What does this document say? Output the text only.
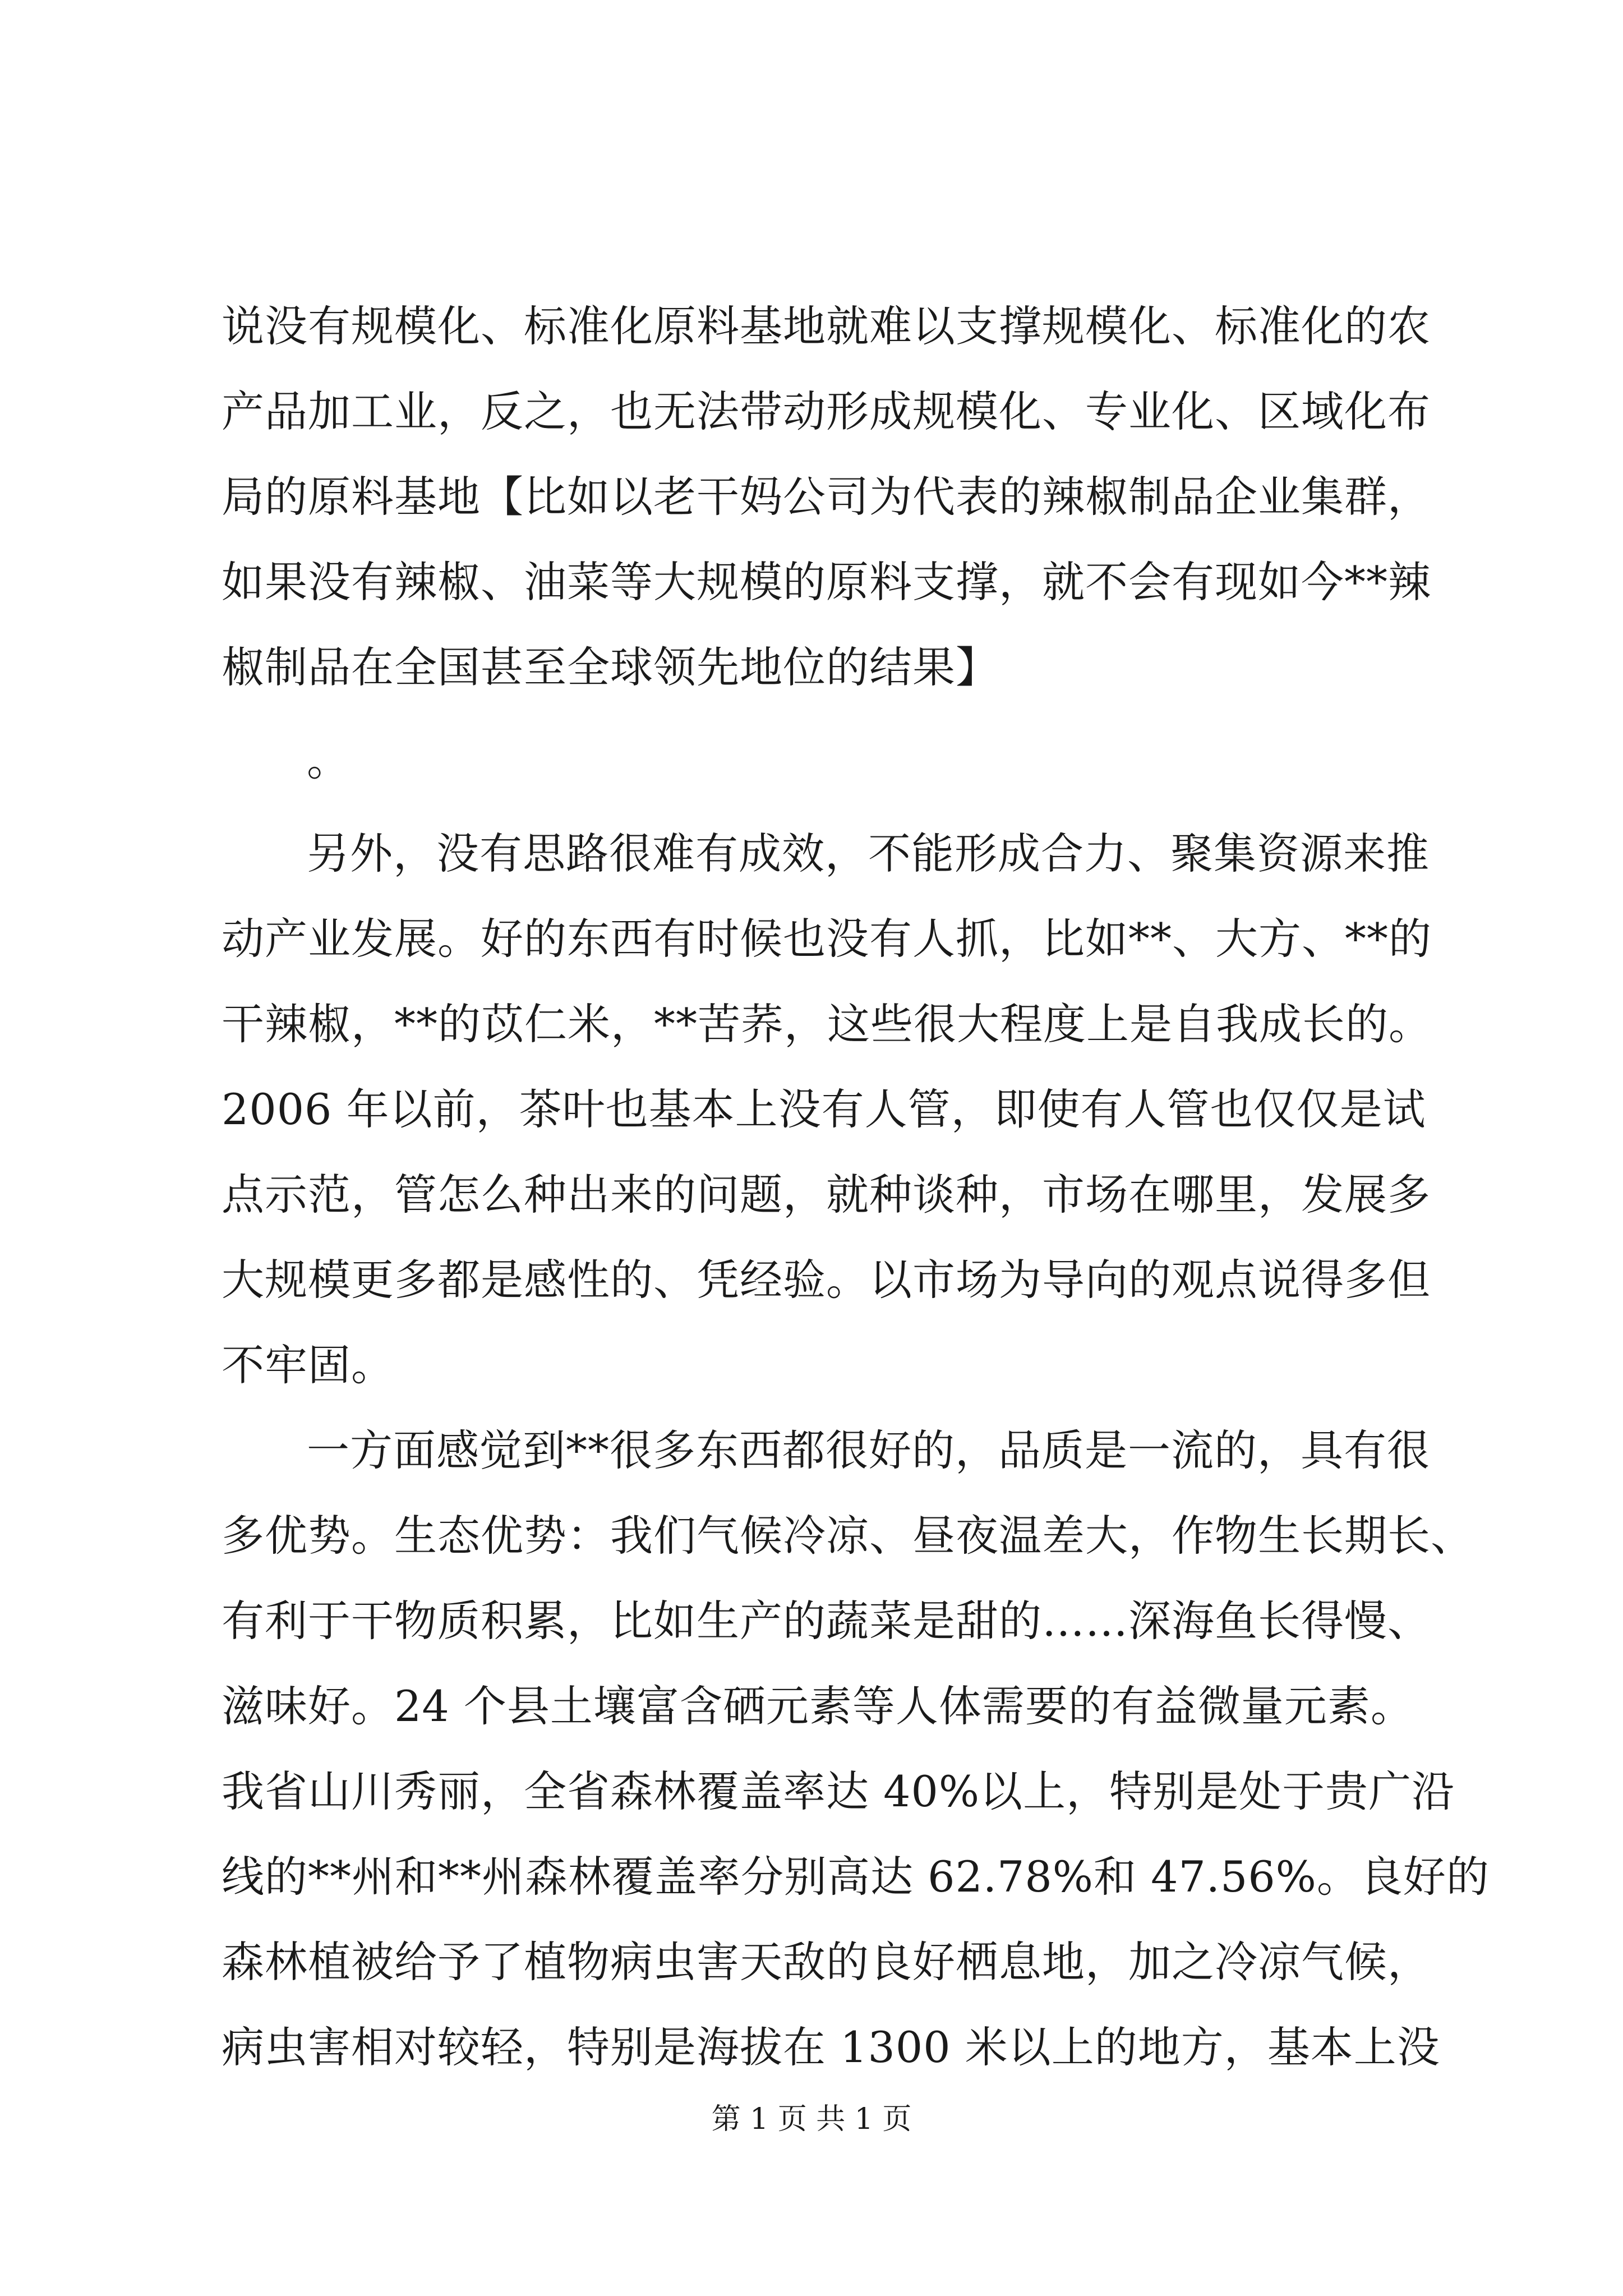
说没有规模化、标准化原料基地就难以支撑规模化、标准化的农
产品加工业，反之，也无法带动形成规模化、专业化、区域化布
局的原料基地【比如以老干妈公司为代表的辣椒制品企业集群，
如果没有辣椒、油菜等大规模的原料支撑，就不会有现如今**辣
椒制品在全国甚至全球领先地位的结果】
。
另外，没有思路很难有成效，不能形成合力、聚集资源来推
动产业发展。好的东西有时候也没有人抓，比如**、大方、**的
干辣椒，**的苡仁米，**苦荞，这些很大程度上是自我成长的。
2006 年以前，茶叶也基本上没有人管，即使有人管也仅仅是试
点示范，管怎么种出来的问题，就种谈种，市场在哪里，发展多
大规模更多都是感性的、凭经验。以市场为导向的观点说得多但
不牢固。
一方面感觉到**很多东西都很好的，品质是一流的，具有很
多优势。生态优势：我们气候冷凉、昼夜温差大，作物生长期长、
有利于干物质积累，比如生产的蔬菜是甜的……深海鱼长得慢、
滋味好。24 个县土壤富含硒元素等人体需要的有益微量元素。
我省山川秀丽，全省森林覆盖率达 40%以上，特别是处于贵广沿
线的**州和**州森林覆盖率分别高达 62.78%和 47.56%。良好的
森林植被给予了植物病虫害天敌的良好栖息地，加之冷凉气候，
病虫害相对较轻，特别是海拔在 1300 米以上的地方，基本上没
第 1 页 共 1 页
